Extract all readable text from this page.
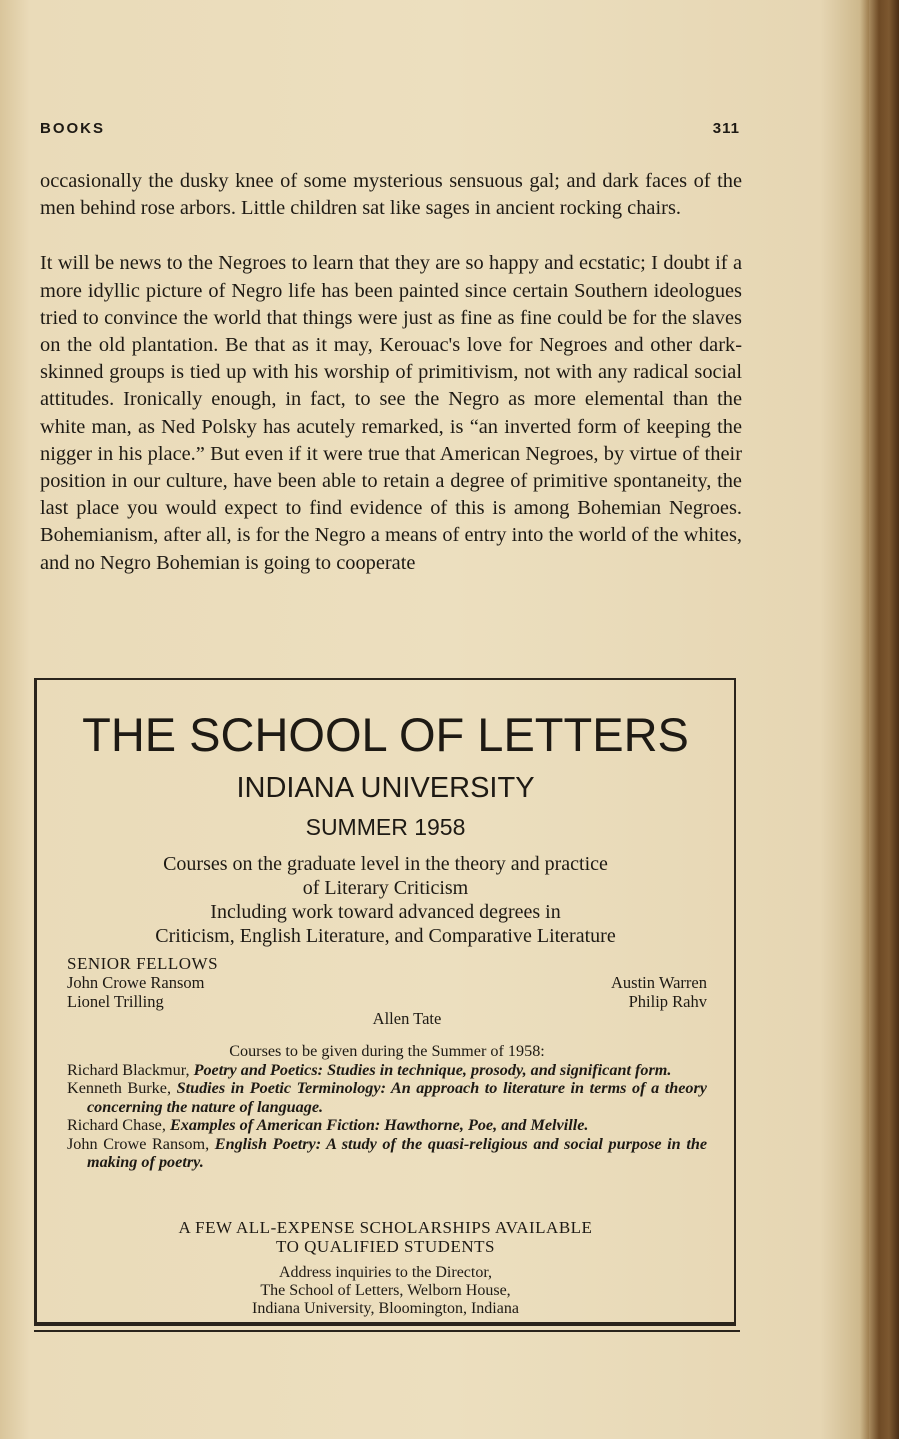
BOOKS	311

occasionally the dusky knee of some mysterious sensuous gal; and dark faces of the men behind rose arbors. Little children sat like sages in ancient rocking chairs.

It will be news to the Negroes to learn that they are so happy and ecstatic; I doubt if a more idyllic picture of Negro life has been painted since certain Southern ideologues tried to convince the world that things were just as fine as fine could be for the slaves on the old plantation. Be that as it may, Kerouac's love for Negroes and other dark-skinned groups is tied up with his worship of primitivism, not with any radical social attitudes. Ironically enough, in fact, to see the Negro as more elemental than the white man, as Ned Polsky has acutely remarked, is “an inverted form of keeping the nigger in his place.” But even if it were true that American Negroes, by virtue of their position in our culture, have been able to retain a degree of primitive spontaneity, the last place you would expect to find evidence of this is among Bohemian Negroes. Bohemianism, after all, is for the Negro a means of entry into the world of the whites, and no Negro Bohemian is going to cooperate

THE SCHOOL OF LETTERS
INDIANA UNIVERSITY
SUMMER 1958
Courses on the graduate level in the theory and practice
of Literary Criticism
Including work toward advanced degrees in
Criticism, English Literature, and Comparative Literature
SENIOR FELLOWS
John Crowe Ransom	Austin Warren
Lionel Trilling	Philip Rahv
Allen Tate
Courses to be given during the Summer of 1958:
Richard Blackmur, Poetry and Poetics: Studies in technique, prosody, and significant form.
Kenneth Burke, Studies in Poetic Terminology: An approach to literature in terms of a theory concerning the nature of language.
Richard Chase, Examples of American Fiction: Hawthorne, Poe, and Melville.
John Crowe Ransom, English Poetry: A study of the quasi-religious and social purpose in the making of poetry.
A FEW ALL-EXPENSE SCHOLARSHIPS AVAILABLE
TO QUALIFIED STUDENTS
Address inquiries to the Director,
The School of Letters, Welborn House,
Indiana University, Bloomington, Indiana
